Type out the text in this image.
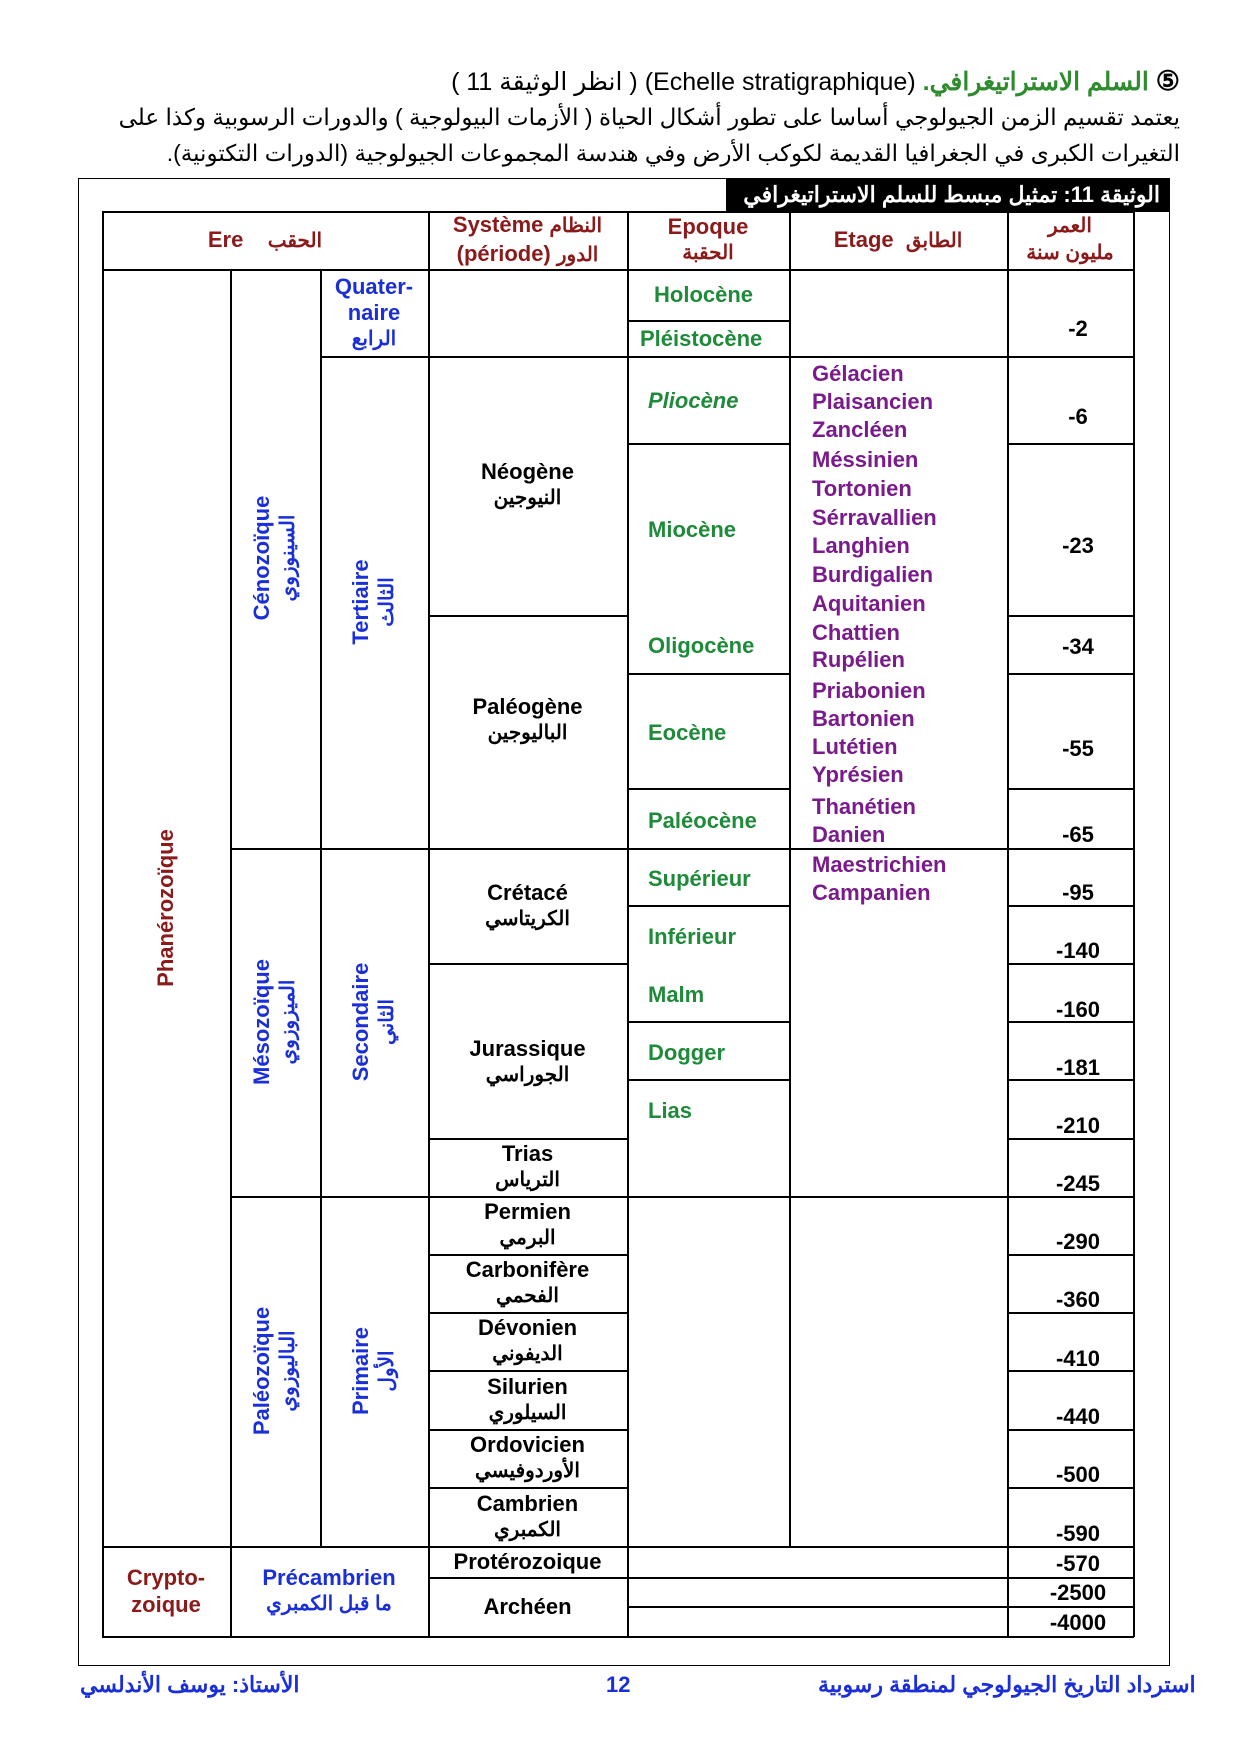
⑤ السلم الاستراتيغرافي. (Echelle stratigraphique) ( انظر الوثيقة 11 )
يعتمد تقسيم الزمن الجيولوجي أساسا على تطور أشكال الحياة ( الأزمات البيولوجية ) والدورات الرسوبية وكذا على
التغيرات الكبرى في الجغرافيا القديمة لكوكب الأرض وفي هندسة المجموعات الجيولوجية (الدورات التكتونية).
الوثيقة 11: تمثيل مبسط للسلم الاستراتيغرافي
Ere الحقب
Système النظام
(période) الدور
Epoque
الحقبة
Etage الطابق
العمر
مليون سنة
Phanérozoïque
Crypto-
zoique
Cénozoïque السينوزوي
Mésozoïque الميزوزوي
Paléozoïque الباليوزوي
Précambrien
ما قبل الكمبري
Quater-
naire
الرابع
Tertiaire الثالث
Secondaire الثاني
Primaire الأول
Néogène
النيوجين
Paléogène
الباليوجين
Crétacé
الكريتاسي
Jurassique
الجوراسي
Trias
الترياس
Permien
البرمي
Carbonifère
الفحمي
Dévonien
الديفوني
Silurien
السيلوري
Ordovicien
الأوردوفيسي
Cambrien
الكمبري
Protérozoique
Archéen
Holocène
Pléistocène
Pliocène
Miocène
Oligocène
Eocène
Paléocène
Supérieur
Inférieur
Malm
Dogger
Lias
Gélacien
Plaisancien
Zancléen
Méssinien
Tortonien
Sérravallien
Langhien
Burdigalien
Aquitanien
Chattien
Rupélien
Priabonien
Bartonien
Lutétien
Yprésien
Thanétien
Danien
Maestrichien
Campanien
-2
-6
-23
-34
-55
-65
-95
-140
-160
-181
-210
-245
-290
-360
-410
-440
-500
-590
-570
-2500
-4000
استرداد التاريخ الجيولوجي لمنطقة رسوبية
12
الأستاذ: يوسف الأندلسي
